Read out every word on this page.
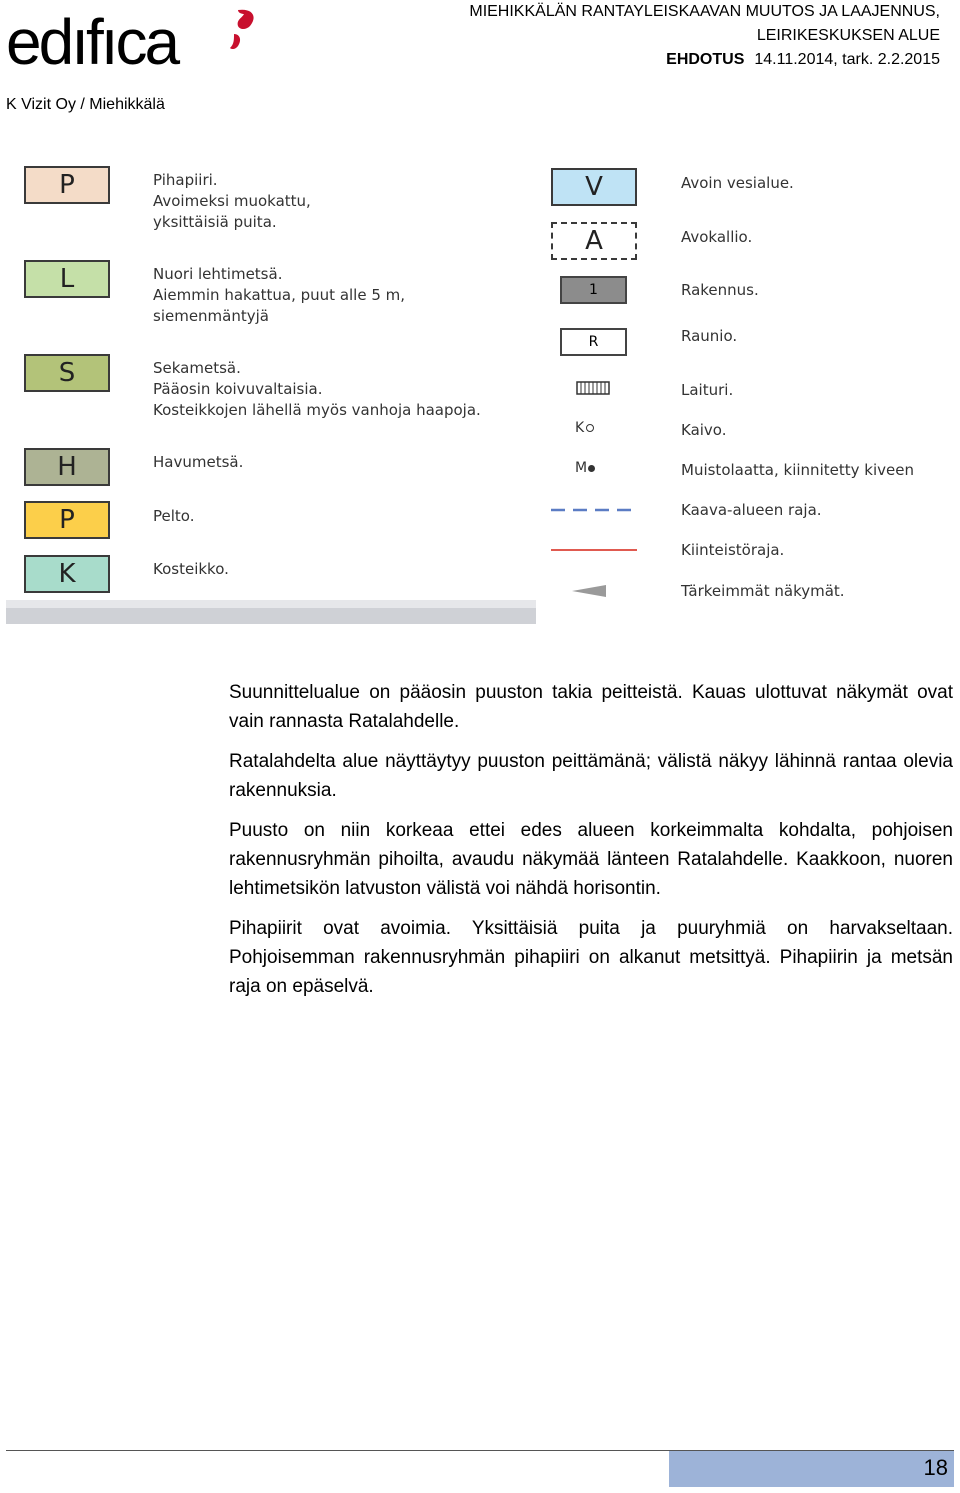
edıfıca
K Vizit Oy / Miehikkälä
MIEHIKKÄLÄN RANTAYLEISKAAVAN MUUTOS JA LAAJENNUS,
LEIRIKESKUKSEN ALUE
EHDOTUS 14.11.2014, tark. 2.2.2015
P	Pihapiiri.
Avoimeksi muokattu,
yksittäisiä puita.
L	Nuori lehtimetsä.
Aiemmin hakattua, puut alle 5 m,
siemenmäntyjä
S	Sekametsä.
Pääosin koivuvaltaisia.
Kosteikkojen lähellä myös vanhoja haapoja.
H	Havumetsä.
P	Pelto.
K	Kosteikko.
V	Avoin vesialue.
A	Avokallio.
1	Rakennus.
R	Raunio.
Laituri.
K	Kaivo.
M	Muistolaatta, kiinnitetty kiveen
Kaava-alueen raja.
Kiinteistöraja.
Tärkeimmät näkymät.

Suunnittelualue on pääosin puuston takia peitteistä. Kauas ulottuvat näkymät ovat vain rannasta Ratalahdelle.

Ratalahdelta alue näyttäytyy puuston peittämänä; välistä näkyy lähinnä rantaa olevia rakennuksia.

Puusto on niin korkeaa ettei edes alueen korkeimmalta kohdalta, pohjoisen rakennusryhmän pihoilta, avaudu näkymää länteen Ratalahdelle. Kaakkoon, nuoren lehtimetsikön latvuston välistä voi nähdä horisontin.

Pihapiirit ovat avoimia. Yksittäisiä puita ja puuryhmiä on harvakseltaan. Pohjoisemman rakennusryhmän pihapiiri on alkanut metsittyä. Pihapiirin ja metsän raja on epäselvä.

18
